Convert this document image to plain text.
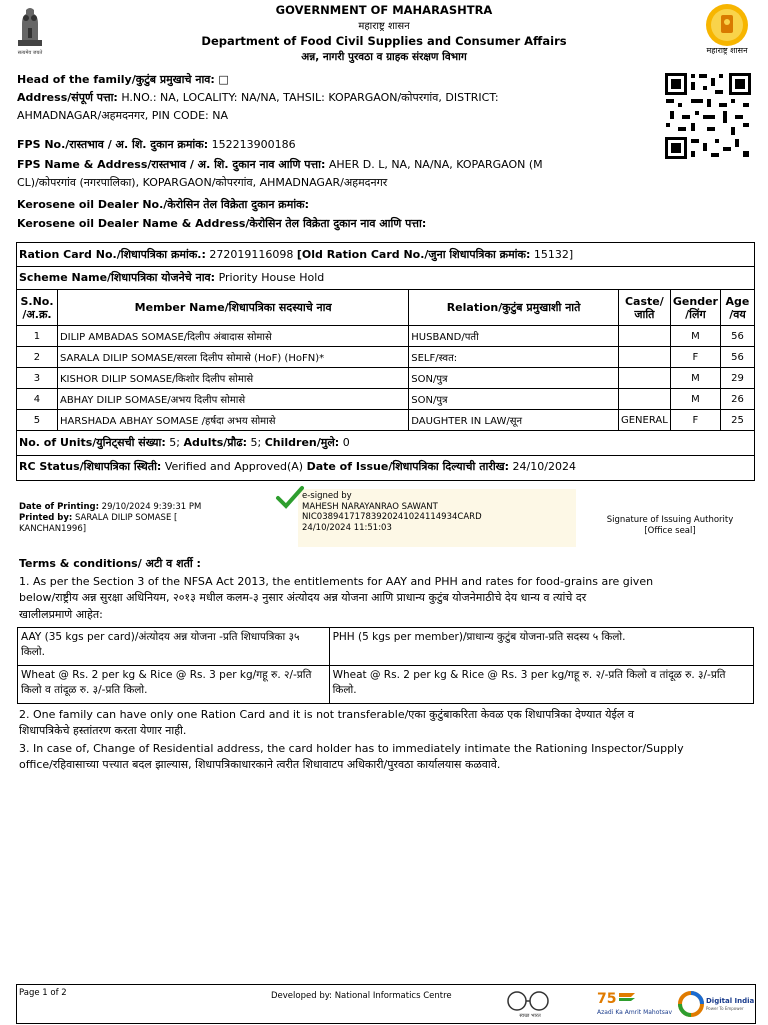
सत्यमेव जयते
GOVERNMENT OF MAHARASHTRA
महाराष्ट्र शासन
Department of Food Civil Supplies and Consumer Affairs
अन्न, नागरी पुरवठा व ग्राहक संरक्षण विभाग
महाराष्ट्र शासन
Head of the family/कुटुंब प्रमुखाचे नाव: □
Address/संपूर्ण पत्ता: H.NO.: NA, LOCALITY: NA/NA, TAHSIL: KOPARGAON/कोपरगांव, DISTRICT:
AHMADNAGAR/अहमदनगर, PIN CODE: NA
FPS No./रास्तभाव / अ. शि. दुकान क्रमांक: 152213900186
FPS Name & Address/रास्तभाव / अ. शि. दुकान नाव आणि पत्ता: AHER D. L, NA, NA/NA, KOPARGAON (M
CL)/कोपरगांव (नगरपालिका), KOPARGAON/कोपरगांव, AHMADNAGAR/अहमदनगर
Kerosene oil Dealer No./केरोसिन तेल विक्रेता दुकान क्रमांक:
Kerosene oil Dealer Name & Address/केरोसिन तेल विक्रेता दुकान नाव आणि पत्ता:
Ration Card No./शिधापत्रिका क्रमांक.: 272019116098 [Old Ration Card No./जुना शिधापत्रिका क्रमांक: 15132]
Scheme Name/शिधापत्रिका योजनेचे नाव: Priority House Hold
S.No. /अ.क्र.	Member Name/शिधापत्रिका सदस्याचे नाव	Relation/कुटुंब प्रमुखाशी नाते	Caste/ जाति	Gender /लिंग	Age /वय
1	DILIP AMBADAS SOMASE/दिलीप अंबादास सोमासे	HUSBAND/पती		M	56
2	SARALA DILIP SOMASE/सरला दिलीप सोमासे (HoF) (HoFN)*	SELF/स्वत:		F	56
3	KISHOR DILIP SOMASE/किशोर दिलीप सोमासे	SON/पुत्र		M	29
4	ABHAY DILIP SOMASE/अभय दिलीप सोमासे	SON/पुत्र		M	26
5	HARSHADA ABHAY SOMASE /हर्षदा अभय सोमासे	DAUGHTER IN LAW/सून	GENERAL	F	25
No. of Units/युनिट्सची संख्या: 5; Adults/प्रौढ: 5; Children/मुले: 0
RC Status/शिधापत्रिका स्थिती: Verified and Approved(A) Date of Issue/शिधापत्रिका दिल्याची तारीख: 24/10/2024
Date of Printing: 29/10/2024 9:39:31 PM
Printed by: SARALA DILIP SOMASE [
KANCHAN1996]
e-signed by
MAHESH NARAYANRAO SAWANT
NIC038941717839202410241149​34CARD
24/10/2024 11:51:03
Signature of Issuing Authority
[Office seal]
Terms & conditions/ अटी व शर्ती :
1. As per the Section 3 of the NFSA Act 2013, the entitlements for AAY and PHH and rates for food-grains are given
below/राष्ट्रीय अन्न सुरक्षा अधिनियम, २०१३ मधील कलम-३ नुसार अंत्योदय अन्न योजना आणि प्राधान्य कुटुंब योजनेमाठीचे देय धान्य व त्यांचे दर
खालीलप्रमाणे आहेत:
AAY (35 kgs per card)/अंत्योदय अन्न योजना -प्रति शिधापत्रिका ३५ किलो.	PHH (5 kgs per member)/प्राधान्य कुटुंब योजना-प्रति सदस्य ५ किलो.
Wheat @ Rs. 2 per kg & Rice @ Rs. 3 per kg/गहू रु. २/-प्रति किलो व तांदूळ रु. ३/-प्रति किलो.	Wheat @ Rs. 2 per kg & Rice @ Rs. 3 per kg/गहू रु. २/-प्रति किलो व तांदूळ रु. ३/-प्रति किलो.
2. One family can have only one Ration Card and it is not transferable/एका कुटुंबाकरिता केवळ एक शिधापत्रिका देण्यात येईल व
शिधापत्रिकेचे हस्तांतरण करता येणार नाही.
3. In case of, Change of Residential address, the card holder has to immediately intimate the Rationing Inspector/Supply
office/रहिवासाच्या पत्त्यात बदल झाल्यास, शिधापत्रिकाधारकाने त्वरीत शिधावाटप अधिकारी/पुरवठा कार्यालयास कळवावे.
Page 1 of 2	Developed by: National Informatics Centre
स्वच्छ भारत
75
Azadi Ka Amrit Mahotsav
Digital India
Power To Empower
